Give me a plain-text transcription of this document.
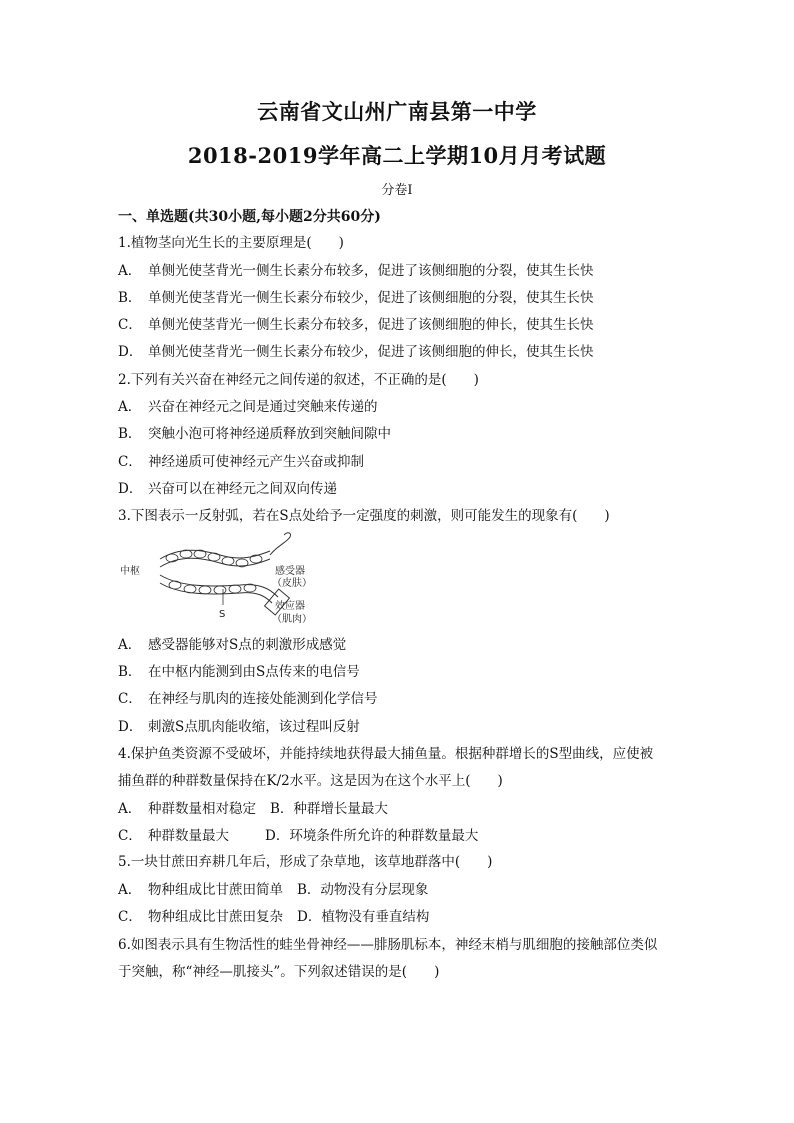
云南省文山州广南县第一中学
2018-2019学年高二上学期10月月考试题
分卷I
一、单选题(共30小题,每小题2分共60分)
1.植物茎向光生长的主要原理是(　　)
A． 单侧光使茎背光一侧生长素分布较多，促进了该侧细胞的分裂，使其生长快
B． 单侧光使茎背光一侧生长素分布较少，促进了该侧细胞的分裂，使其生长快
C． 单侧光使茎背光一侧生长素分布较多，促进了该侧细胞的伸长，使其生长快
D． 单侧光使茎背光一侧生长素分布较少，促进了该侧细胞的伸长，使其生长快
2.下列有关兴奋在神经元之间传递的叙述，不正确的是(　　)
A． 兴奋在神经元之间是通过突触来传递的
B． 突触小泡可将神经递质释放到突触间隙中
C． 神经递质可使神经元产生兴奋或抑制
D． 兴奋可以在神经元之间双向传递
3.下图表示一反射弧，若在S点处给予一定强度的刺激，则可能发生的现象有(　　)
中枢	感受器
（皮肤）
S
效应器
（肌肉）
A． 感受器能够对S点的刺激形成感觉
B． 在中枢内能测到由S点传来的电信号
C． 在神经与肌肉的连接处能测到化学信号
D． 刺激S点肌肉能收缩，该过程叫反射
4.保护鱼类资源不受破坏，并能持续地获得最大捕鱼量。根据种群增长的S型曲线，应使被
捕鱼群的种群数量保持在K/2水平。这是因为在这个水平上(　　)
A． 种群数量相对稳定 B．种群增长量最大
C． 种群数量最大	D．环境条件所允许的种群数量最大
5.一块甘蔗田弃耕几年后，形成了杂草地，该草地群落中(　　)
A． 物种组成比甘蔗田简单 B．动物没有分层现象
C． 物种组成比甘蔗田复杂 D．植物没有垂直结构
6.如图表示具有生物活性的蛙坐骨神经——腓肠肌标本，神经末梢与肌细胞的接触部位类似
于突触，称“神经—肌接头”。下列叙述错误的是(　　)
